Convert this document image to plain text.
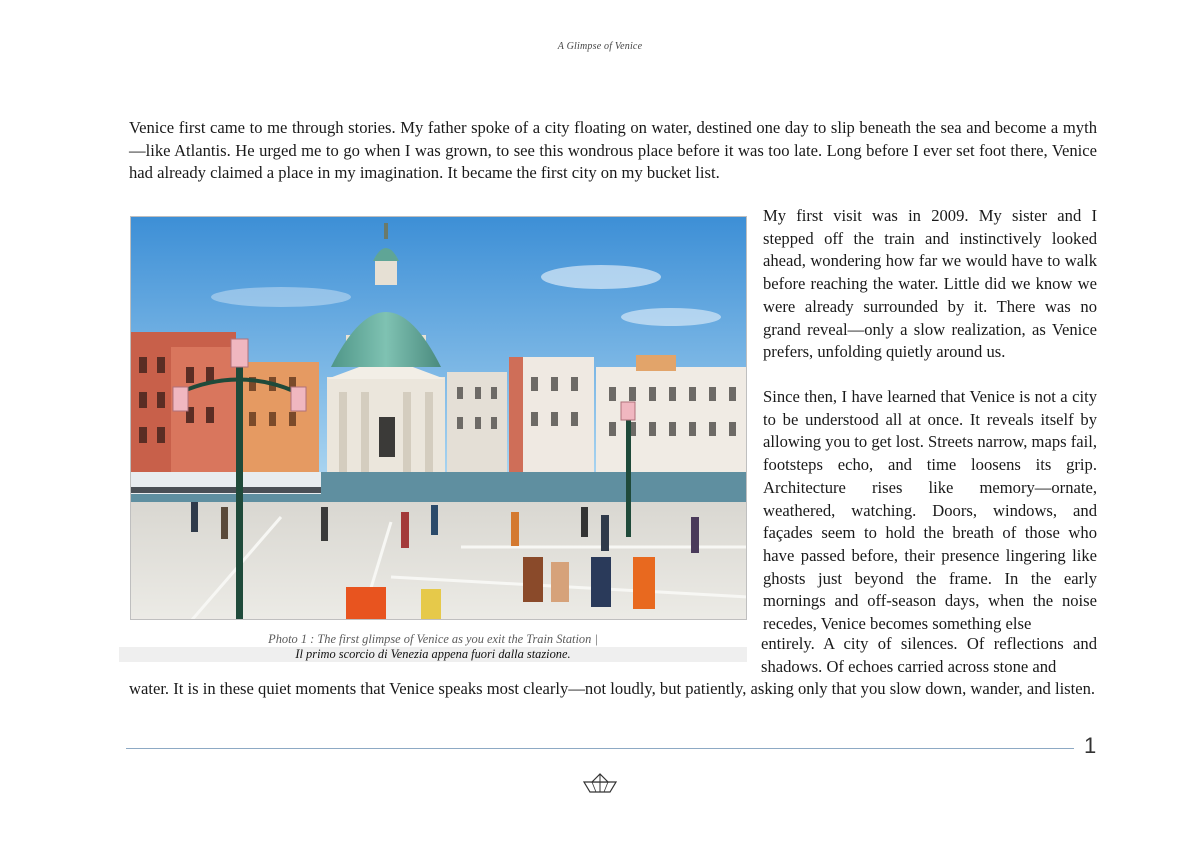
A Glimpse of Venice

Venice first came to me through stories. My father spoke of a city floating on water, destined one day to slip beneath the sea and become a myth—like Atlantis. He urged me to go when I was grown, to see this wondrous place before it was too late. Long before I ever set foot there, Venice had already claimed a place in my imagination. It became the first city on my bucket list.

My first visit was in 2009. My sister and I stepped off the train and instinctively looked ahead, wondering how far we would have to walk before reaching the water. Little did we know we were already surrounded by it. There was no grand reveal—only a slow realization, as Venice prefers, unfolding quietly around us.

Since then, I have learned that Venice is not a city to be understood all at once. It reveals itself by allowing you to get lost. Streets narrow, maps fail, footsteps echo, and time loosens its grip. Architecture rises like memory—ornate, weathered, watching. Doors, windows, and façades seem to hold the breath of those who have passed before, their presence lingering like ghosts just beyond the frame. In the early mornings and off-season days, when the noise recedes, Venice becomes something else

entirely. A city of silences. Of reflections and shadows. Of echoes carried across stone and

water. It is in these quiet moments that Venice speaks most clearly—not loudly, but patiently, asking only that you slow down, wander, and listen.

Photo 1 : The first glimpse of Venice as you exit the Train Station |
Il primo scorcio di Venezia appena fuori dalla stazione.
1
